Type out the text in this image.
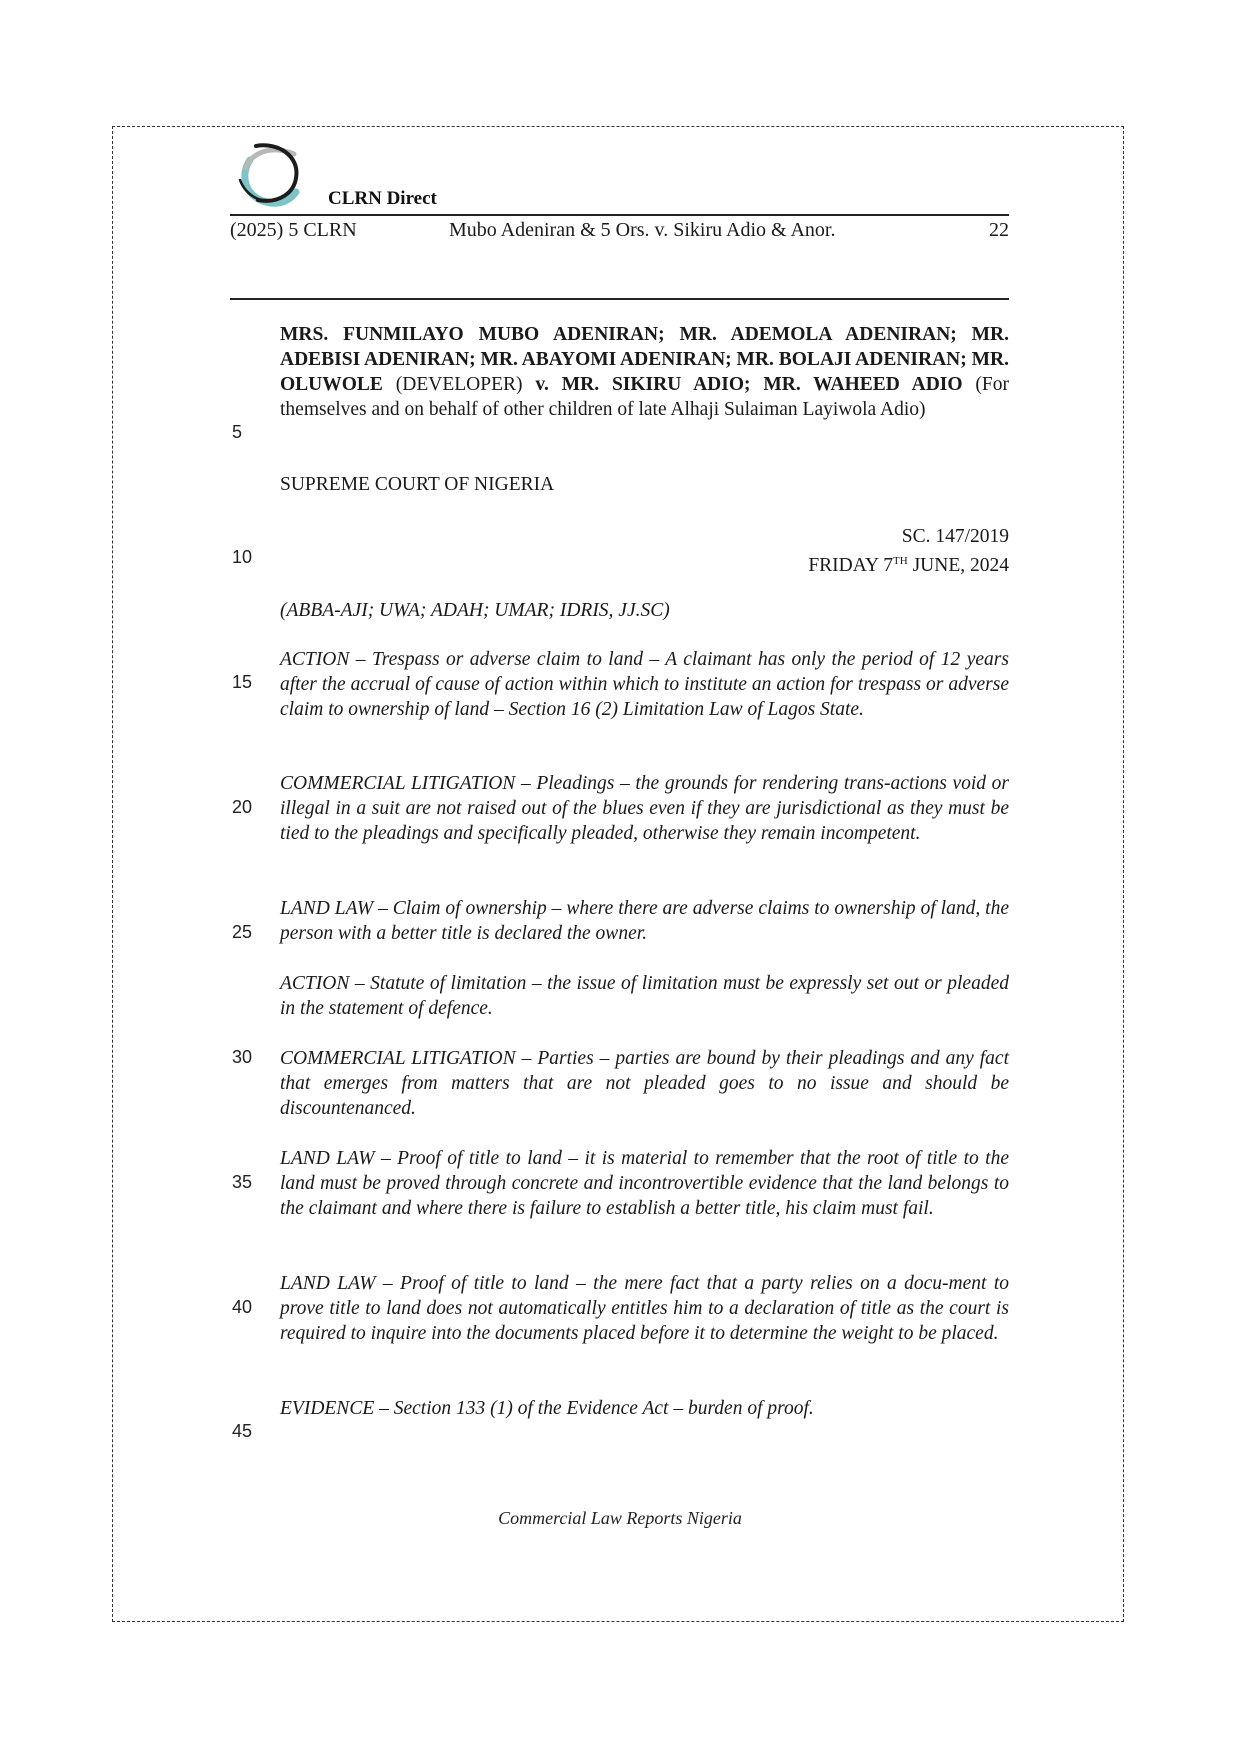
CLRN Direct
(2025) 5 CLRN	Mubo Adeniran & 5 Ors. v. Sikiru Adio & Anor.	22
MRS. FUNMILAYO MUBO ADENIRAN; MR. ADEMOLA ADENIRAN; MR. ADEBISI ADENIRAN; MR. ABAYOMI ADENIRAN; MR. BOLAJI ADENIRAN; MR. OLUWOLE (DEVELOPER) v. MR. SIKIRU ADIO; MR. WAHEED ADIO (For themselves and on behalf of other children of late Alhaji Sulaiman Layiwola Adio)
SUPREME COURT OF NIGERIA
SC. 147/2019
FRIDAY 7TH JUNE, 2024
(ABBA-AJI; UWA; ADAH; UMAR; IDRIS, JJ.SC)
ACTION – Trespass or adverse claim to land – A claimant has only the period of 12 years after the accrual of cause of action within which to institute an action for trespass or adverse claim to ownership of land – Section 16 (2) Limitation Law of Lagos State.
COMMERCIAL LITIGATION – Pleadings – the grounds for rendering trans-actions void or illegal in a suit are not raised out of the blues even if they are jurisdictional as they must be tied to the pleadings and specifically pleaded, otherwise they remain incompetent.
LAND LAW – Claim of ownership – where there are adverse claims to ownership of land, the person with a better title is declared the owner.
ACTION – Statute of limitation – the issue of limitation must be expressly set out or pleaded in the statement of defence.
COMMERCIAL LITIGATION – Parties – parties are bound by their pleadings and any fact that emerges from matters that are not pleaded goes to no issue and should be discountenanced.
LAND LAW – Proof of title to land – it is material to remember that the root of title to the land must be proved through concrete and incontrovertible evidence that the land belongs to the claimant and where there is failure to establish a better title, his claim must fail.
LAND LAW – Proof of title to land – the mere fact that a party relies on a docu-ment to prove title to land does not automatically entitles him to a declaration of title as the court is required to inquire into the documents placed before it to determine the weight to be placed.
EVIDENCE – Section 133 (1) of the Evidence Act – burden of proof.
5
10
15
20
25
30
35
40
45
Commercial Law Reports Nigeria
